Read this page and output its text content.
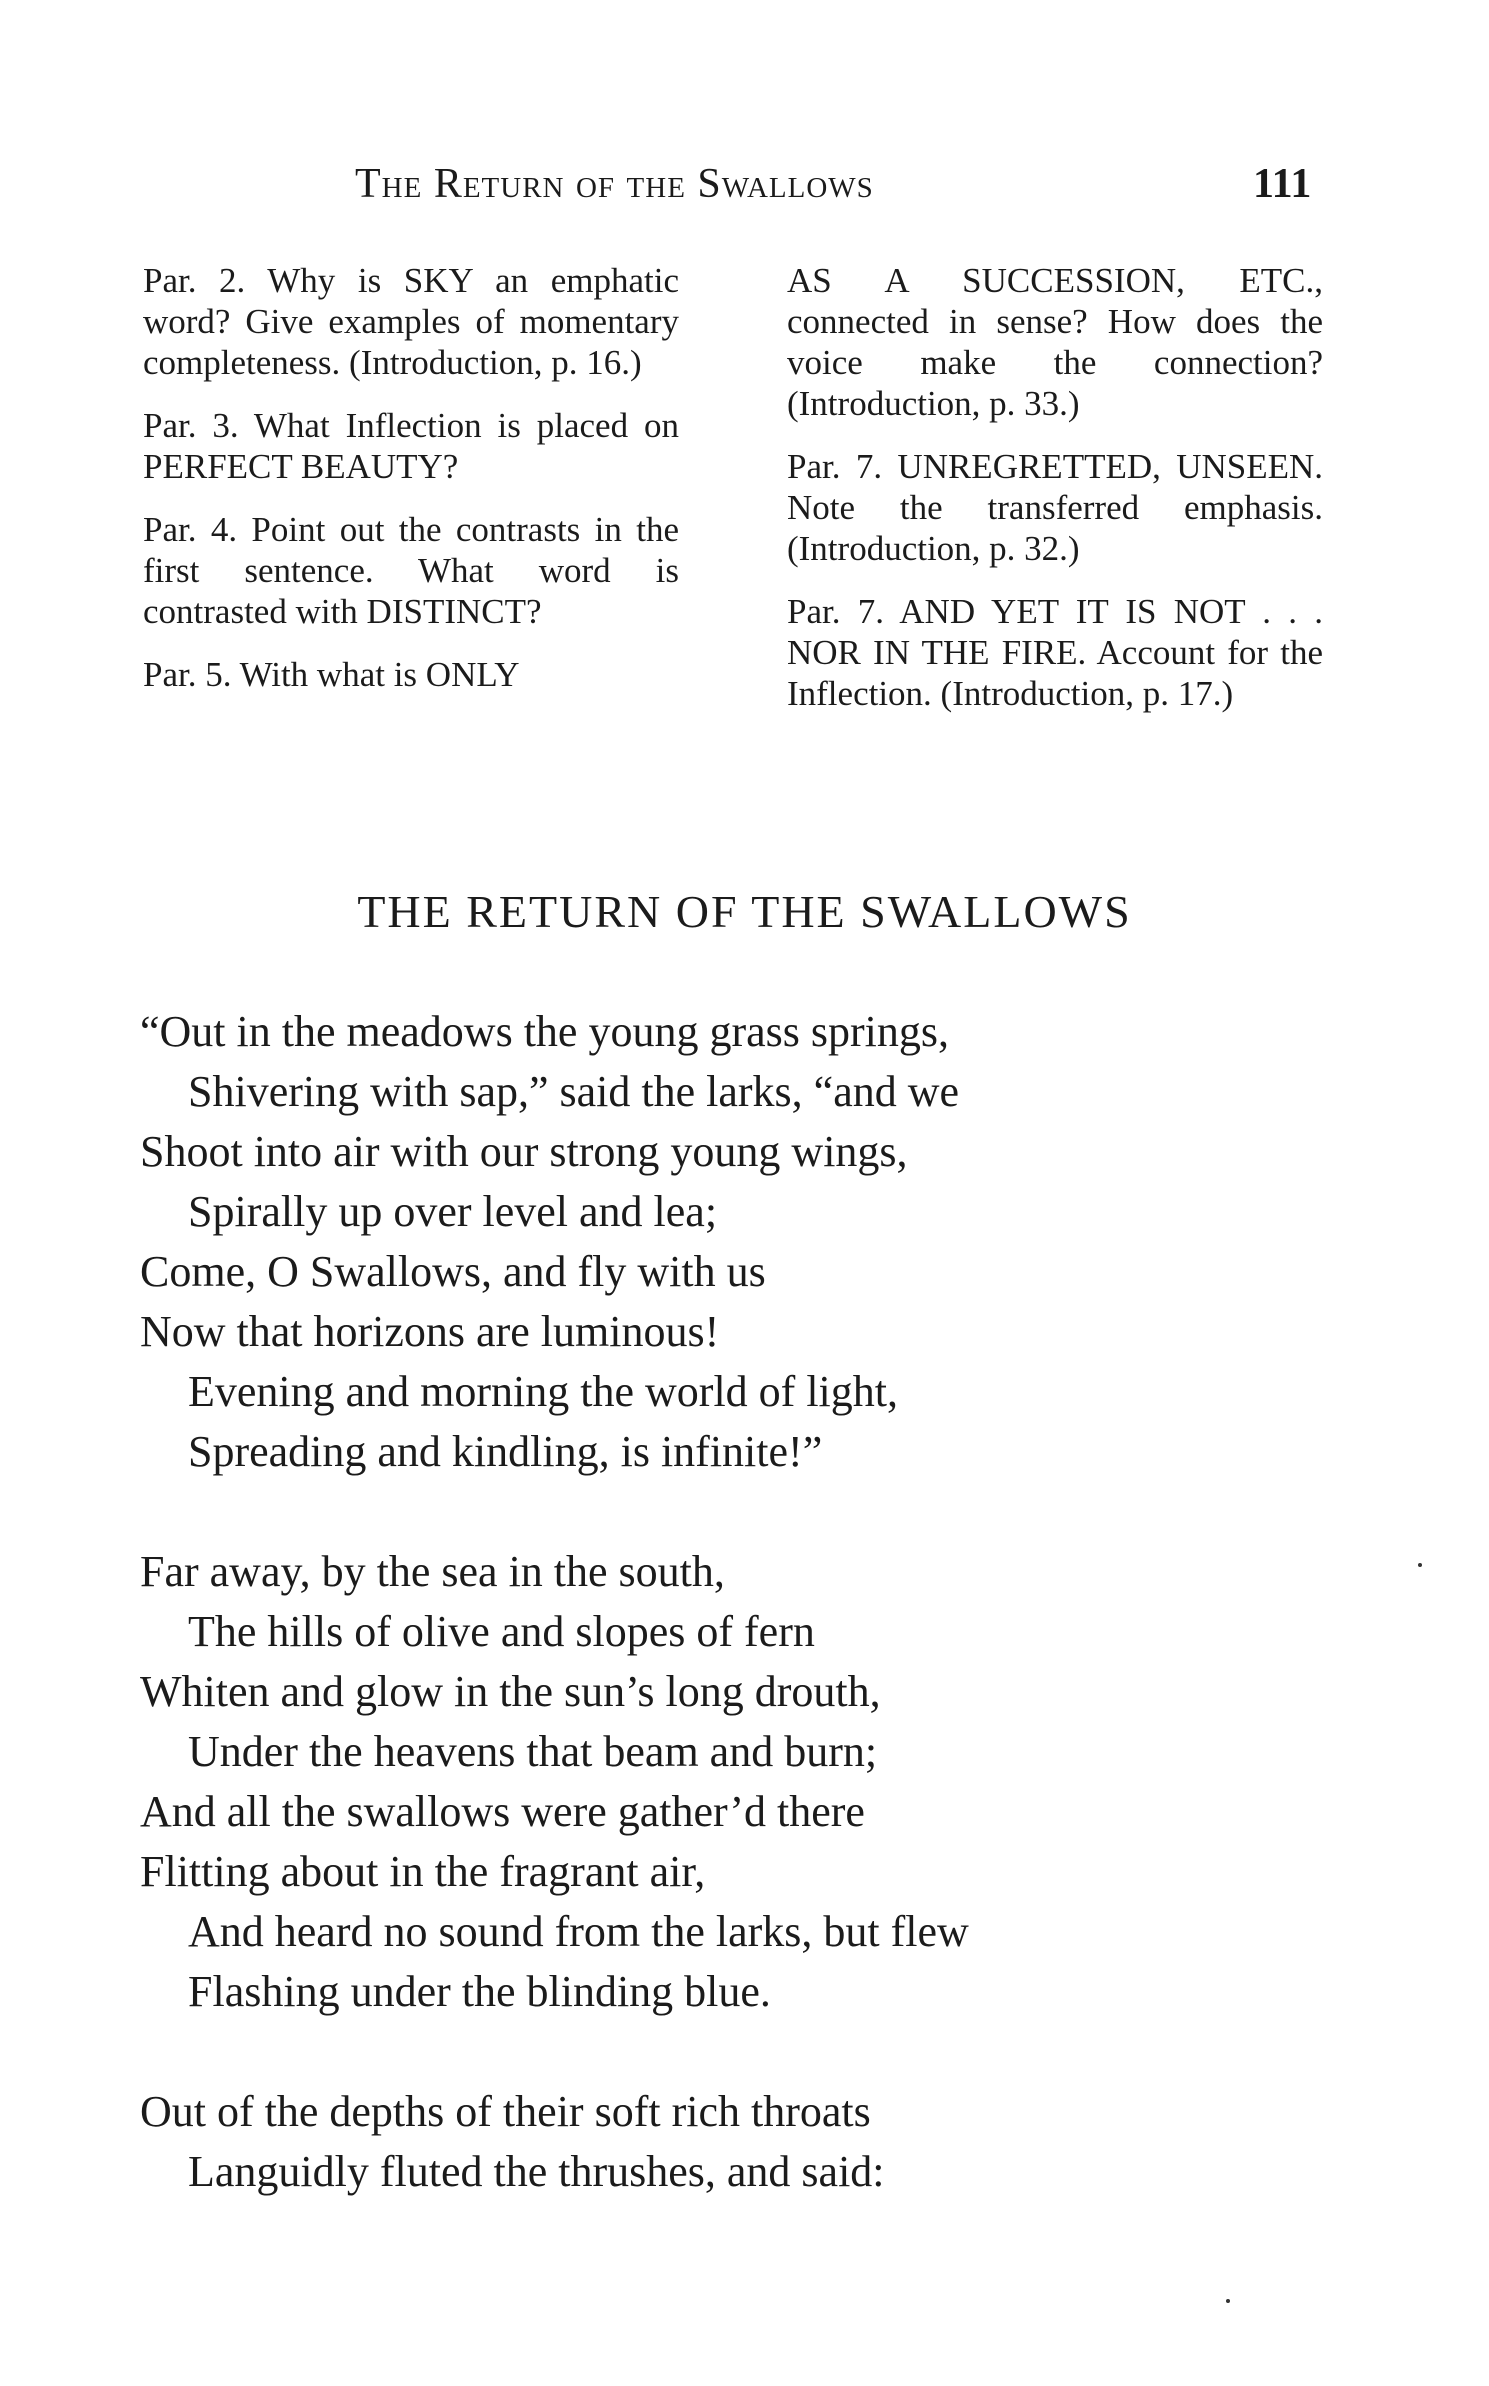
The Return of the Swallows	111

Par. 2. Why is SKY an emphatic word? Give examples of momentary completeness. (Introduction, p. 16.)

Par. 3. What Inflection is placed on PERFECT BEAUTY?

Par. 4. Point out the contrasts in the first sentence. What word is contrasted with DISTINCT?

Par. 5. With what is ONLY

AS A SUCCESSION, ETC., connected in sense? How does the voice make the connection? (Introduction, p. 33.)

Par. 7. UNREGRETTED, UNSEEN. Note the transferred emphasis. (Introduction, p. 32.)

Par. 7. AND YET IT IS NOT . . . NOR IN THE FIRE. Account for the Inflection. (Introduction, p. 17.)

THE RETURN OF THE SWALLOWS
“Out in the meadows the young grass springs,
Shivering with sap,” said the larks, “and we
Shoot into air with our strong young wings,
Spirally up over level and lea;
Come, O Swallows, and fly with us
Now that horizons are luminous!
Evening and morning the world of light,
Spreading and kindling, is infinite!”
Far away, by the sea in the south,
The hills of olive and slopes of fern
Whiten and glow in the sun’s long drouth,
Under the heavens that beam and burn;
And all the swallows were gather’d there
Flitting about in the fragrant air,
And heard no sound from the larks, but flew
Flashing under the blinding blue.
Out of the depths of their soft rich throats
Languidly fluted the thrushes, and said:
